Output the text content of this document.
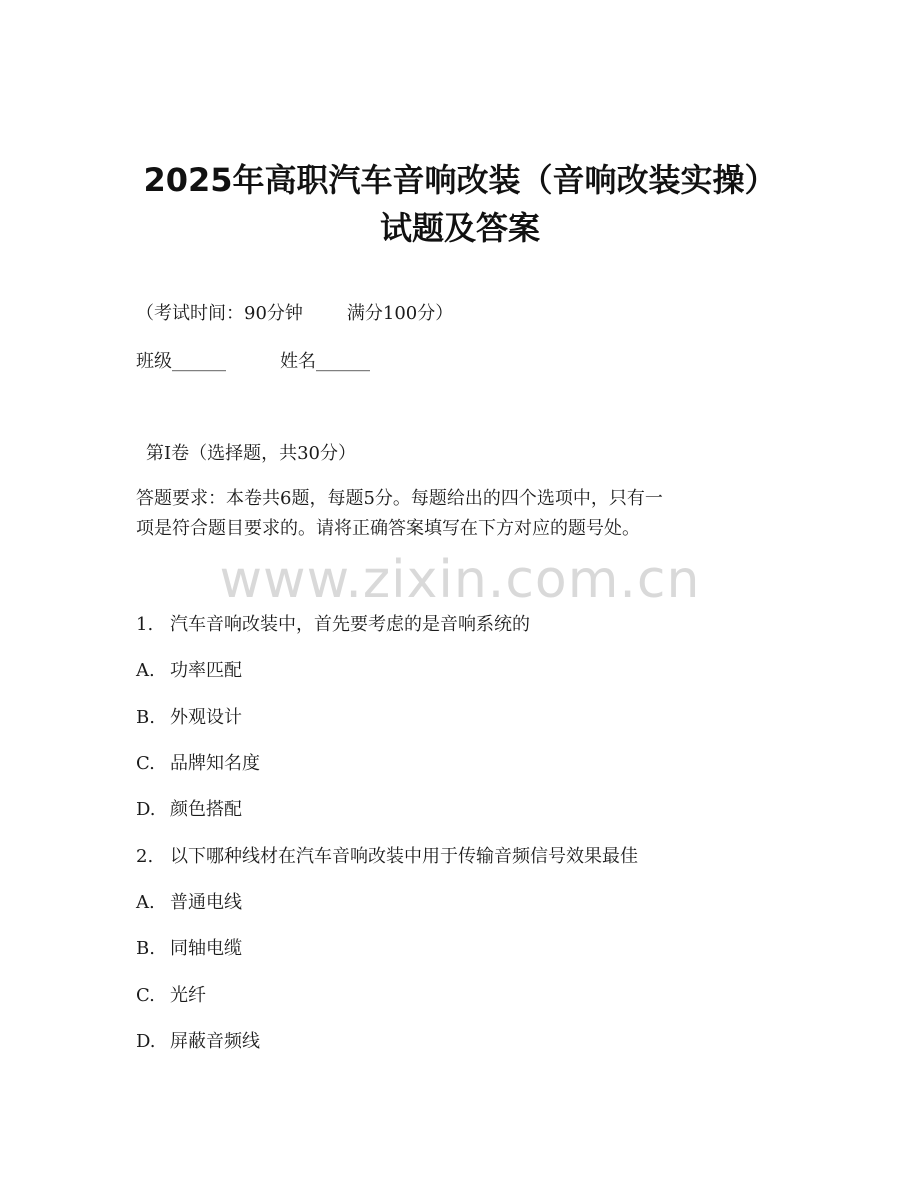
2025年高职汽车音响改装（音响改装实操）
试题及答案
（考试时间：90分钟 满分100分）
班级______	姓名______
第Ⅰ卷（选择题，共30分）
答题要求：本卷共6题，每题5分。每题给出的四个选项中，只有一
项是符合题目要求的。请将正确答案填写在下方对应的题号处。
www.zixin.com.cn
1. 汽车音响改装中，首先要考虑的是音响系统的
A. 功率匹配
B. 外观设计
C. 品牌知名度
D. 颜色搭配
2. 以下哪种线材在汽车音响改装中用于传输音频信号效果最佳
A. 普通电线
B. 同轴电缆
C. 光纤
D. 屏蔽音频线
